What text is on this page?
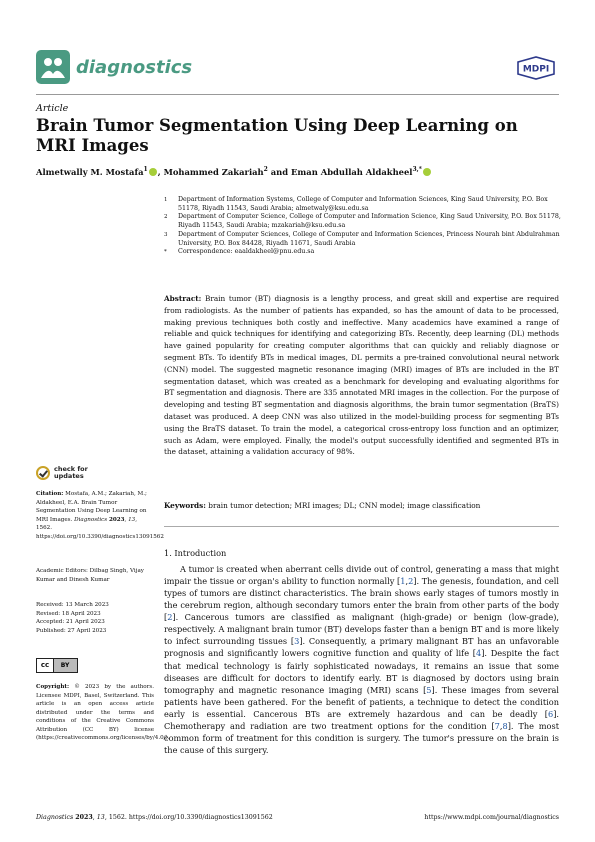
diagnostics	MDPI
Article
Brain Tumor Segmentation Using Deep Learning on MRI Images
Almetwally M. Mostafa$^1$ , Mohammed Zakariah$^2$ and Eman Abdullah Aldakheel$^{3,*}$
1	Department of Information Systems, College of Computer and Information Sciences, King Saud University, P.O. Box 51178, Riyadh 11543, Saudi Arabia; almetwaly@ksu.edu.sa
2	Department of Computer Science, College of Computer and Information Science, King Saud University, P.O. Box 51178, Riyadh 11543, Saudi Arabia; mzakariah@ksu.edu.sa
3	Department of Computer Sciences, College of Computer and Information Sciences, Princess Nourah bint Abdulrahman University, P.O. Box 84428, Riyadh 11671, Saudi Arabia
*	Correspondence: eaaldakheel@pnu.edu.sa
Abstract: Brain tumor (BT) diagnosis is a lengthy process, and great skill and expertise are required from radiologists. As the number of patients has expanded, so has the amount of data to be processed, making previous techniques both costly and ineffective. Many academics have examined a range of reliable and quick techniques for identifying and categorizing BTs. Recently, deep learning (DL) methods have gained popularity for creating computer algorithms that can quickly and reliably diagnose or segment BTs. To identify BTs in medical images, DL permits a pre-trained convolutional neural network (CNN) model. The suggested magnetic resonance imaging (MRI) images of BTs are included in the BT segmentation dataset, which was created as a benchmark for developing and evaluating algorithms for BT segmentation and diagnosis. There are 335 annotated MRI images in the collection. For the purpose of developing and testing BT segmentation and diagnosis algorithms, the brain tumor segmentation (BraTS) dataset was produced. A deep CNN was also utilized in the model-building process for segmenting BTs using the BraTS dataset. To train the model, a categorical cross-entropy loss function and an optimizer, such as Adam, were employed. Finally, the model's output successfully identified and segmented BTs in the dataset, attaining a validation accuracy of 98%.
Keywords: brain tumor detection; MRI images; DL; CNN model; image classification
1. Introduction
A tumor is created when aberrant cells divide out of control, generating a mass that might impair the tissue or organ's ability to function normally [1,2]. The genesis, foundation, and cell types of tumors are distinct characteristics. The brain shows early stages of tumors mostly in the cerebrum region, although secondary tumors enter the brain from other parts of the body [2]. Cancerous tumors are classified as malignant (high-grade) or benign (low-grade), respectively. A malignant brain tumor (BT) develops faster than a benign BT and is more likely to infect surrounding tissues [3]. Consequently, a primary malignant BT has an unfavorable prognosis and significantly lowers cognitive function and quality of life [4]. Despite the fact that medical technology is fairly sophisticated nowadays, it remains an issue that some diseases are difficult for doctors to identify early. BT is diagnosed by doctors using brain tomography and magnetic resonance imaging (MRI) scans [5]. These images from several patients have been gathered. For the benefit of patients, a technique to detect the condition early is essential. Cancerous BTs are extremely hazardous and can be deadly [6]. Chemotherapy and radiation are two treatment options for the condition [7,8]. The most common form of treatment for this condition is surgery. The tumor's pressure on the brain is the cause of this surgery.
check for
updates
Citation: Mostafa, A.M.; Zakariah, M.; Aldakheel, E.A. Brain Tumor Segmentation Using Deep Learning on MRI Images. Diagnostics 2023, 13, 1562. https://doi.org/10.3390/diagnostics13091562
Academic Editors: Dilbag Singh, Vijay Kumar and Dinesh Kumar
Received: 13 March 2023
Revised: 18 April 2023
Accepted: 21 April 2023
Published: 27 April 2023
cc	BY
Copyright: © 2023 by the authors. Licensee MDPI, Basel, Switzerland. This article is an open access article distributed under the terms and conditions of the Creative Commons Attribution (CC BY) license (https://creativecommons.org/licenses/by/4.0/).
Diagnostics 2023, 13, 1562. https://doi.org/10.3390/diagnostics13091562	https://www.mdpi.com/journal/diagnostics
